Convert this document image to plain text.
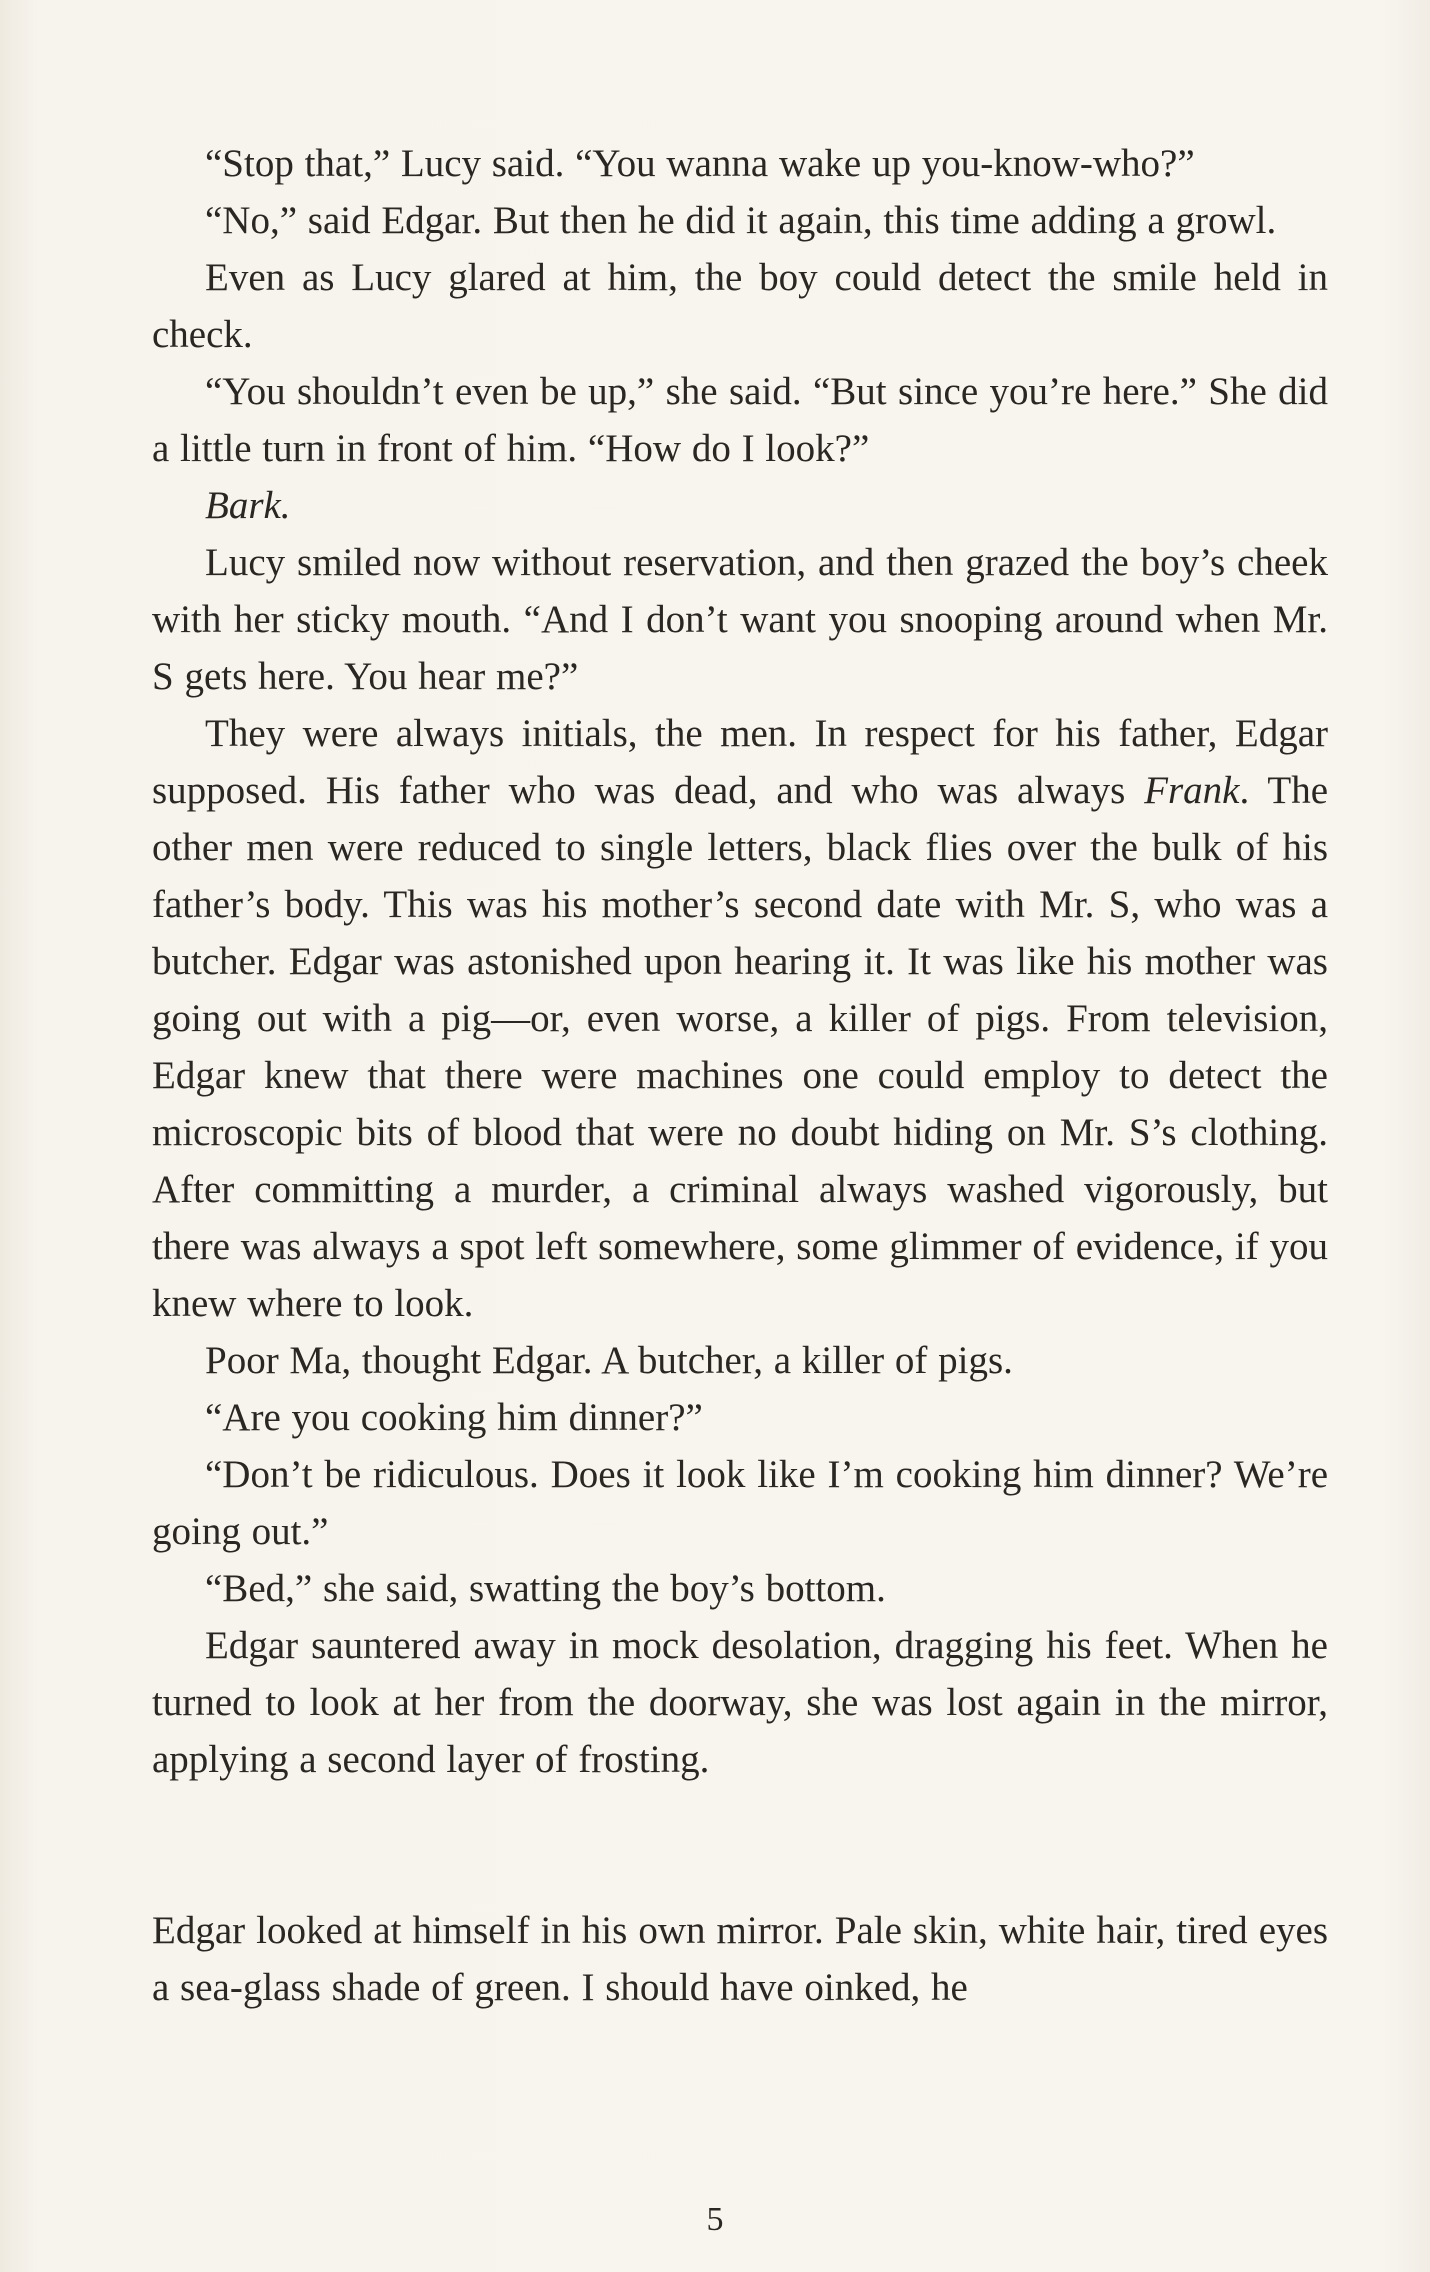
“Stop that,” Lucy said. “You wanna wake up you-know-who?”

“No,” said Edgar. But then he did it again, this time adding a growl.

Even as Lucy glared at him, the boy could detect the smile held in check.

“You shouldn’t even be up,” she said. “But since you’re here.” She did a little turn in front of him. “How do I look?”

Bark.

Lucy smiled now without reservation, and then grazed the boy’s cheek with her sticky mouth. “And I don’t want you snooping around when Mr. S gets here. You hear me?”

They were always initials, the men. In respect for his father, Edgar supposed. His father who was dead, and who was always Frank. The other men were reduced to single letters, black flies over the bulk of his father’s body. This was his mother’s second date with Mr. S, who was a butcher. Edgar was astonished upon hearing it. It was like his mother was going out with a pig—or, even worse, a killer of pigs. From television, Edgar knew that there were machines one could employ to detect the microscopic bits of blood that were no doubt hiding on Mr. S’s clothing. After committing a murder, a criminal always washed vigorously, but there was always a spot left somewhere, some glimmer of evidence, if you knew where to look.

Poor Ma, thought Edgar. A butcher, a killer of pigs.

“Are you cooking him dinner?”

“Don’t be ridiculous. Does it look like I’m cooking him dinner? We’re going out.”

“Bed,” she said, swatting the boy’s bottom.

Edgar sauntered away in mock desolation, dragging his feet. When he turned to look at her from the doorway, she was lost again in the mirror, applying a second layer of frosting.

Edgar looked at himself in his own mirror. Pale skin, white hair, tired eyes a sea-glass shade of green. I should have oinked, he

5
